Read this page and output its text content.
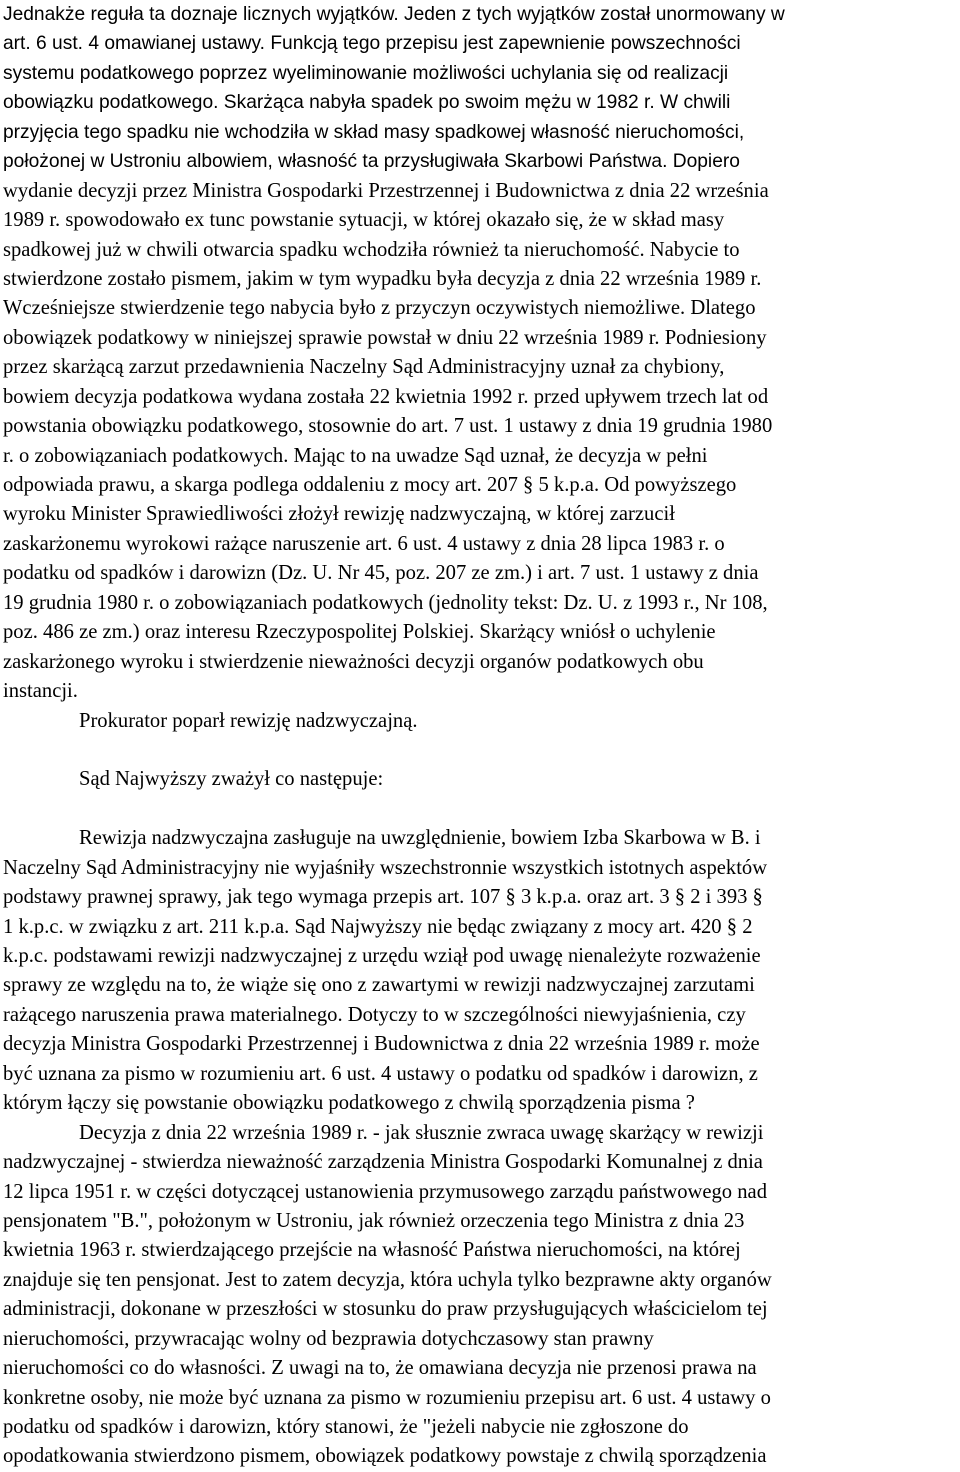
Jednakże reguła ta doznaje licznych wyjątków. Jeden z tych wyjątków został unormowany w
art. 6 ust. 4 omawianej ustawy. Funkcją tego przepisu jest zapewnienie powszechności
systemu podatkowego poprzez wyeliminowanie możliwości uchylania się od realizacji
obowiązku podatkowego. Skarżąca nabyła spadek po swoim mężu w 1982 r. W chwili
przyjęcia tego spadku nie wchodziła w skład masy spadkowej własność nieruchomości,
położonej w Ustroniu albowiem, własność ta przysługiwała Skarbowi Państwa. Dopiero
wydanie decyzji przez Ministra Gospodarki Przestrzennej i Budownictwa z dnia 22 września
1989 r. spowodowało ex tunc powstanie sytuacji, w której okazało się, że w skład masy
spadkowej już w chwili otwarcia spadku wchodziła również ta nieruchomość. Nabycie to
stwierdzone zostało pismem, jakim w tym wypadku była decyzja z dnia 22 września 1989 r.
Wcześniejsze stwierdzenie tego nabycia było z przyczyn oczywistych niemożliwe. Dlatego
obowiązek podatkowy w niniejszej sprawie powstał w dniu 22 września 1989 r. Podniesiony
przez skarżącą zarzut przedawnienia Naczelny Sąd Administracyjny uznał za chybiony,
bowiem decyzja podatkowa wydana została 22 kwietnia 1992 r. przed upływem trzech lat od
powstania obowiązku podatkowego, stosownie do art. 7 ust. 1 ustawy z dnia 19 grudnia 1980
r. o zobowiązaniach podatkowych. Mając to na uwadze Sąd uznał, że decyzja w pełni
odpowiada prawu, a skarga podlega oddaleniu z mocy art. 207 § 5 k.p.a. Od powyższego
wyroku Minister Sprawiedliwości złożył rewizję nadzwyczajną, w której zarzucił
zaskarżonemu wyrokowi rażące naruszenie art. 6 ust. 4 ustawy z dnia 28 lipca 1983 r. o
podatku od spadków i darowizn (Dz. U. Nr 45, poz. 207 ze zm.) i art. 7 ust. 1 ustawy z dnia
19 grudnia 1980 r. o zobowiązaniach podatkowych (jednolity tekst: Dz. U. z 1993 r., Nr 108,
poz. 486 ze zm.) oraz interesu Rzeczypospolitej Polskiej. Skarżący wniósł o uchylenie
zaskarżonego wyroku i stwierdzenie nieważności decyzji organów podatkowych obu
instancji.
Prokurator poparł rewizję nadzwyczajną.
Sąd Najwyższy zważył co następuje:
Rewizja nadzwyczajna zasługuje na uwzględnienie, bowiem Izba Skarbowa w B. i
Naczelny Sąd Administracyjny nie wyjaśniły wszechstronnie wszystkich istotnych aspektów
podstawy prawnej sprawy, jak tego wymaga przepis art. 107 § 3 k.p.a. oraz art. 3 § 2 i 393 §
1 k.p.c. w związku z art. 211 k.p.a. Sąd Najwyższy nie będąc związany z mocy art. 420 § 2
k.p.c. podstawami rewizji nadzwyczajnej z urzędu wziął pod uwagę nienależyte rozważenie
sprawy ze względu na to, że wiąże się ono z zawartymi w rewizji nadzwyczajnej zarzutami
rażącego naruszenia prawa materialnego. Dotyczy to w szczególności niewyjaśnienia, czy
decyzja Ministra Gospodarki Przestrzennej i Budownictwa z dnia 22 września 1989 r. może
być uznana za pismo w rozumieniu art. 6 ust. 4 ustawy o podatku od spadków i darowizn, z
którym łączy się powstanie obowiązku podatkowego z chwilą sporządzenia pisma ?
Decyzja z dnia 22 września 1989 r. - jak słusznie zwraca uwagę skarżący w rewizji
nadzwyczajnej - stwierdza nieważność zarządzenia Ministra Gospodarki Komunalnej z dnia
12 lipca 1951 r. w części dotyczącej ustanowienia przymusowego zarządu państwowego nad
pensjonatem "B.", położonym w Ustroniu, jak również orzeczenia tego Ministra z dnia 23
kwietnia 1963 r. stwierdzającego przejście na własność Państwa nieruchomości, na której
znajduje się ten pensjonat. Jest to zatem decyzja, która uchyla tylko bezprawne akty organów
administracji, dokonane w przeszłości w stosunku do praw przysługujących właścicielom tej
nieruchomości, przywracając wolny od bezprawia dotychczasowy stan prawny
nieruchomości co do własności. Z uwagi na to, że omawiana decyzja nie przenosi prawa na
konkretne osoby, nie może być uznana za pismo w rozumieniu przepisu art. 6 ust. 4 ustawy o
podatku od spadków i darowizn, który stanowi, że "jeżeli nabycie nie zgłoszone do
opodatkowania stwierdzono pismem, obowiązek podatkowy powstaje z chwilą sporządzenia
